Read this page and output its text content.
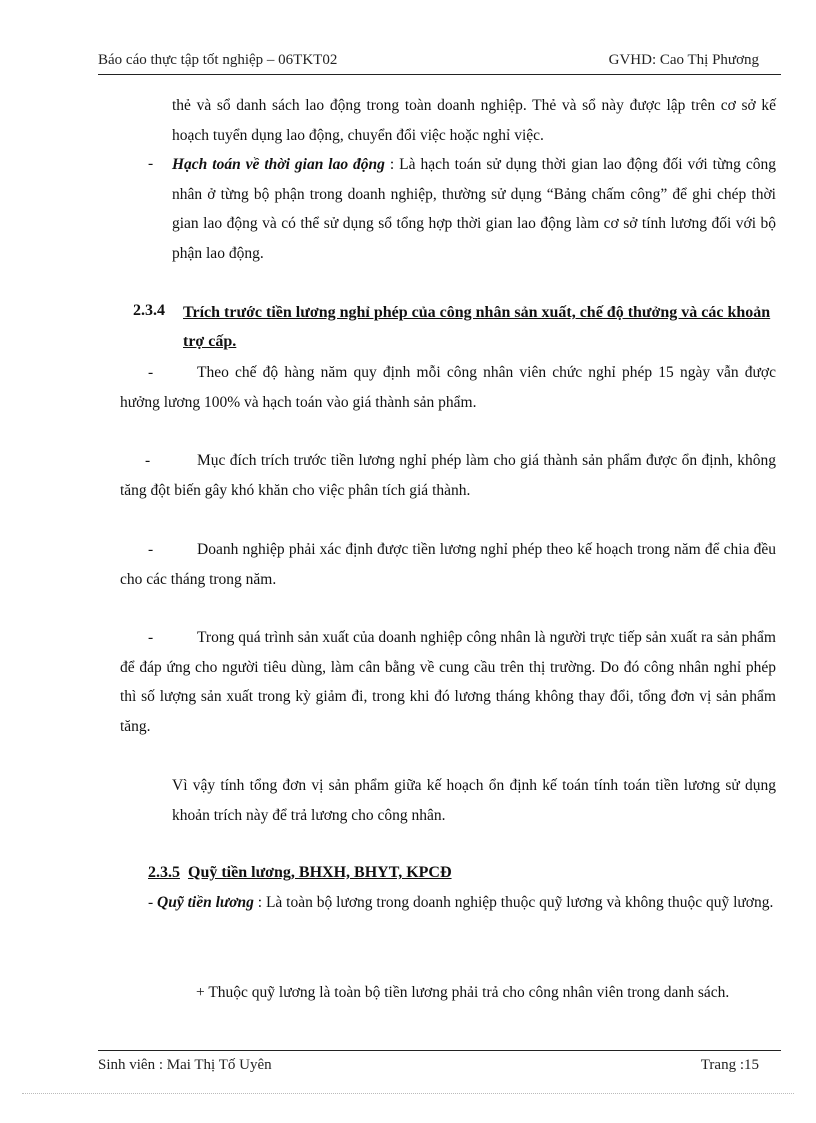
Báo cáo thực tập tốt nghiệp – 06TKT02	GVHD: Cao Thị Phương

thẻ và sổ danh sách lao động trong toàn doanh nghiệp. Thẻ và sổ này được lập trên cơ sở kế hoạch tuyển dụng lao động, chuyển đổi việc hoặc nghỉ việc.

- Hạch toán về thời gian lao động : Là hạch toán sử dụng thời gian lao động đối với từng công nhân ở từng bộ phận trong doanh nghiệp, thường sử dụng “Bảng chấm công” để ghi chép thời gian lao động và có thể sử dụng sổ tổng hợp thời gian lao động làm cơ sở tính lương đối với bộ phận lao động.

2.3.4 Trích trước tiền lương nghỉ phép của công nhân sản xuất, chế độ thưởng và các khoản trợ cấp.
-	Theo chế độ hàng năm quy định mỗi công nhân viên chức nghỉ phép 15 ngày vẫn được hưởng lương 100% và hạch toán vào giá thành sản phẩm.

-	Mục đích trích trước tiền lương nghỉ phép làm cho giá thành sản phẩm được ổn định, không tăng đột biến gây khó khăn cho việc phân tích giá thành.

-	Doanh nghiệp phải xác định được tiền lương nghỉ phép theo kế hoạch trong năm để chia đều cho các tháng trong năm.

-	Trong quá trình sản xuất của doanh nghiệp công nhân là người trực tiếp sản xuất ra sản phẩm để đáp ứng cho người tiêu dùng, làm cân bằng về cung cầu trên thị trường. Do đó công nhân nghỉ phép thì số lượng sản xuất trong kỳ giảm đi, trong khi đó lương tháng không thay đổi, tổng đơn vị sản phẩm tăng.

Vì vậy tính tổng đơn vị sản phẩm giữa kế hoạch ổn định kế toán tính toán tiền lương sử dụng khoản trích này để trả lương cho công nhân.

2.3.5 Quỹ tiền lương, BHXH, BHYT, KPCĐ

- Quỹ tiền lương : Là toàn bộ lương trong doanh nghiệp thuộc quỹ lương và không thuộc quỹ lương.

+ Thuộc quỹ lương là toàn bộ tiền lương phải trả cho công nhân viên trong danh sách.

Sinh viên : Mai Thị Tố Uyên	Trang :15
